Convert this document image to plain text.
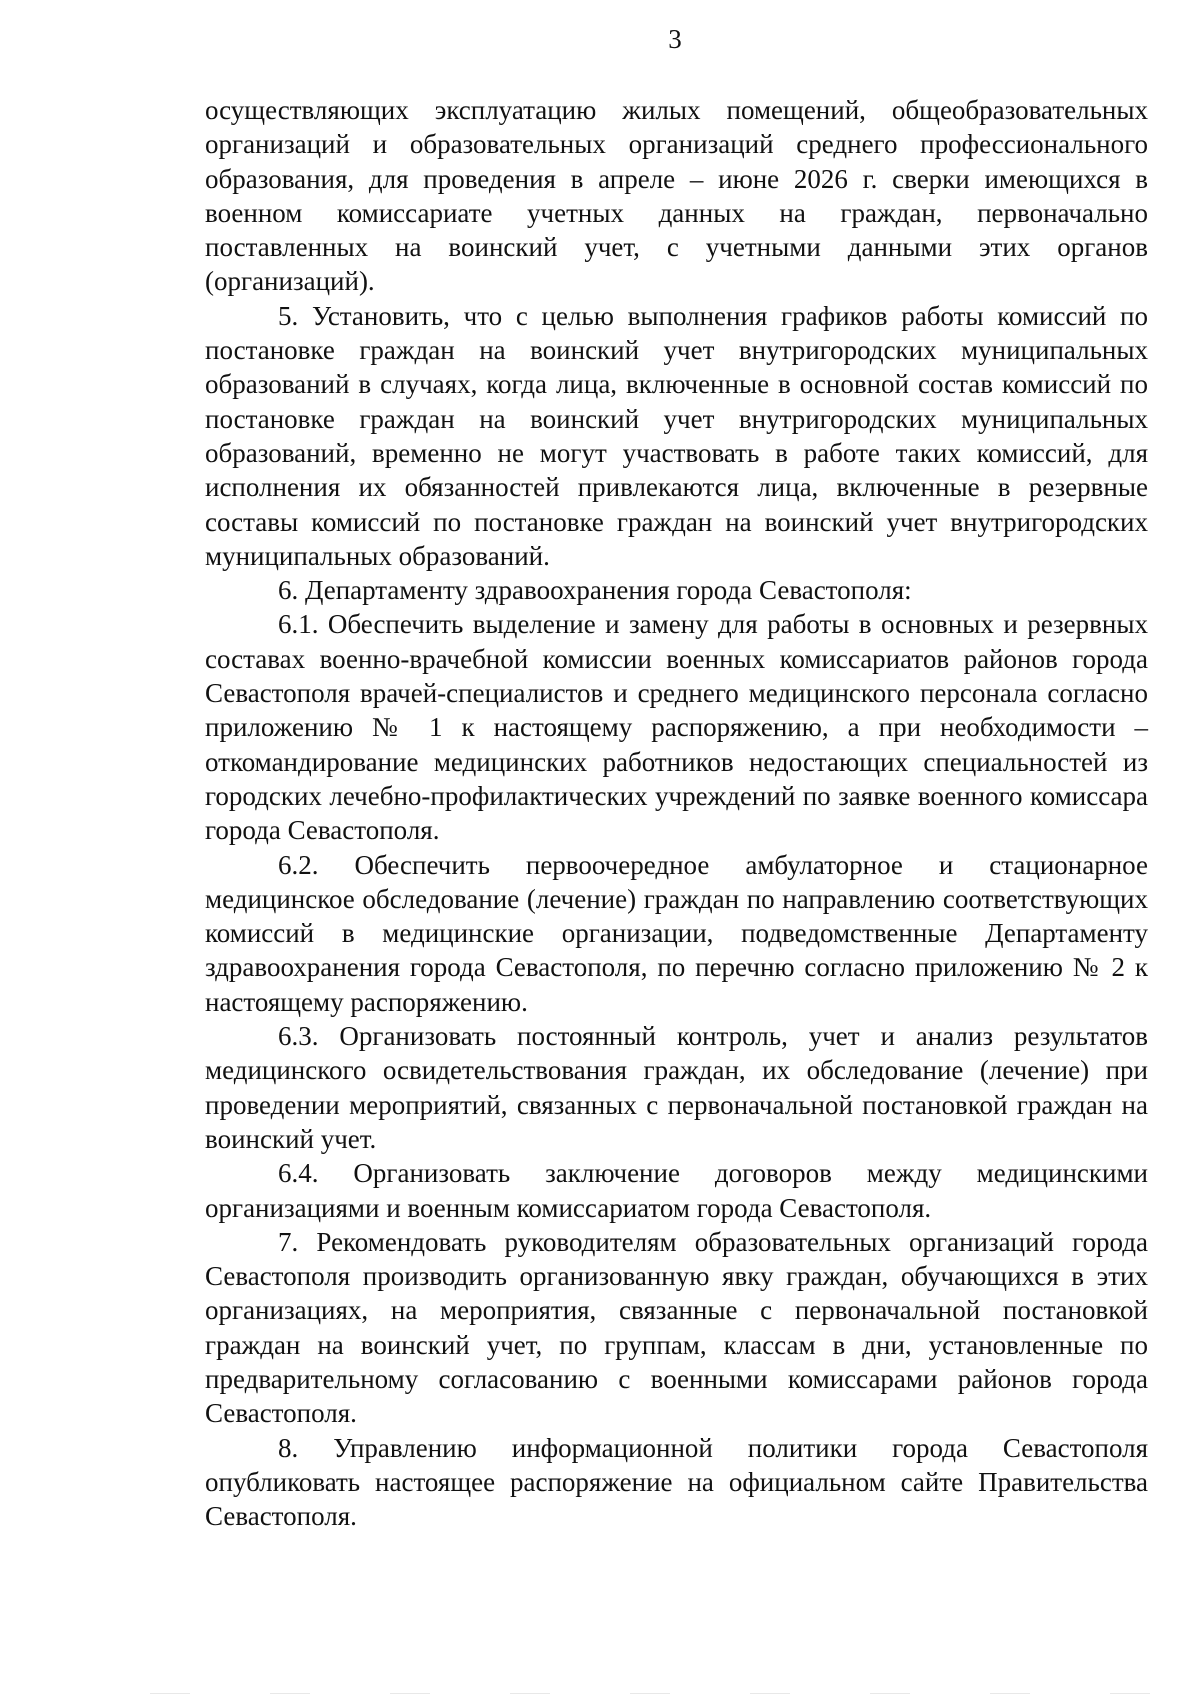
3

осуществляющих эксплуатацию жилых помещений, общеобразовательных организаций и образовательных организаций среднего профессионального образования, для проведения в апреле – июне 2026 г. сверки имеющихся в военном комиссариате учетных данных на граждан, первоначально поставленных на воинский учет, с учетными данными этих органов (организаций).

5. Установить, что с целью выполнения графиков работы комиссий по постановке граждан на воинский учет внутригородских муниципальных образований в случаях, когда лица, включенные в основной состав комиссий по постановке граждан на воинский учет внутригородских муниципальных образований, временно не могут участвовать в работе таких комиссий, для исполнения их обязанностей привлекаются лица, включенные в резервные составы комиссий по постановке граждан на воинский учет внутригородских муниципальных образований.

6. Департаменту здравоохранения города Севастополя:

6.1. Обеспечить выделение и замену для работы в основных и резервных составах военно-врачебной комиссии военных комиссариатов районов города Севастополя врачей-специалистов и среднего медицинского персонала согласно приложению № 1 к настоящему распоряжению, а при необходимости – откомандирование медицинских работников недостающих специальностей из городских лечебно-профилактических учреждений по заявке военного комиссара города Севастополя.

6.2. Обеспечить первоочередное амбулаторное и стационарное медицинское обследование (лечение) граждан по направлению соответствующих комиссий в медицинские организации, подведомственные Департаменту здравоохранения города Севастополя, по перечню согласно приложению № 2 к настоящему распоряжению.

6.3. Организовать постоянный контроль, учет и анализ результатов медицинского освидетельствования граждан, их обследование (лечение) при проведении мероприятий, связанных с первоначальной постановкой граждан на воинский учет.

6.4. Организовать заключение договоров между медицинскими организациями и военным комиссариатом города Севастополя.

7. Рекомендовать руководителям образовательных организаций города Севастополя производить организованную явку граждан, обучающихся в этих организациях, на мероприятия, связанные с первоначальной постановкой граждан на воинский учет, по группам, классам в дни, установленные по предварительному согласованию с военными комиссарами районов города Севастополя.

8. Управлению информационной политики города Севастополя опубликовать настоящее распоряжение на официальном сайте Правительства Севастополя.
